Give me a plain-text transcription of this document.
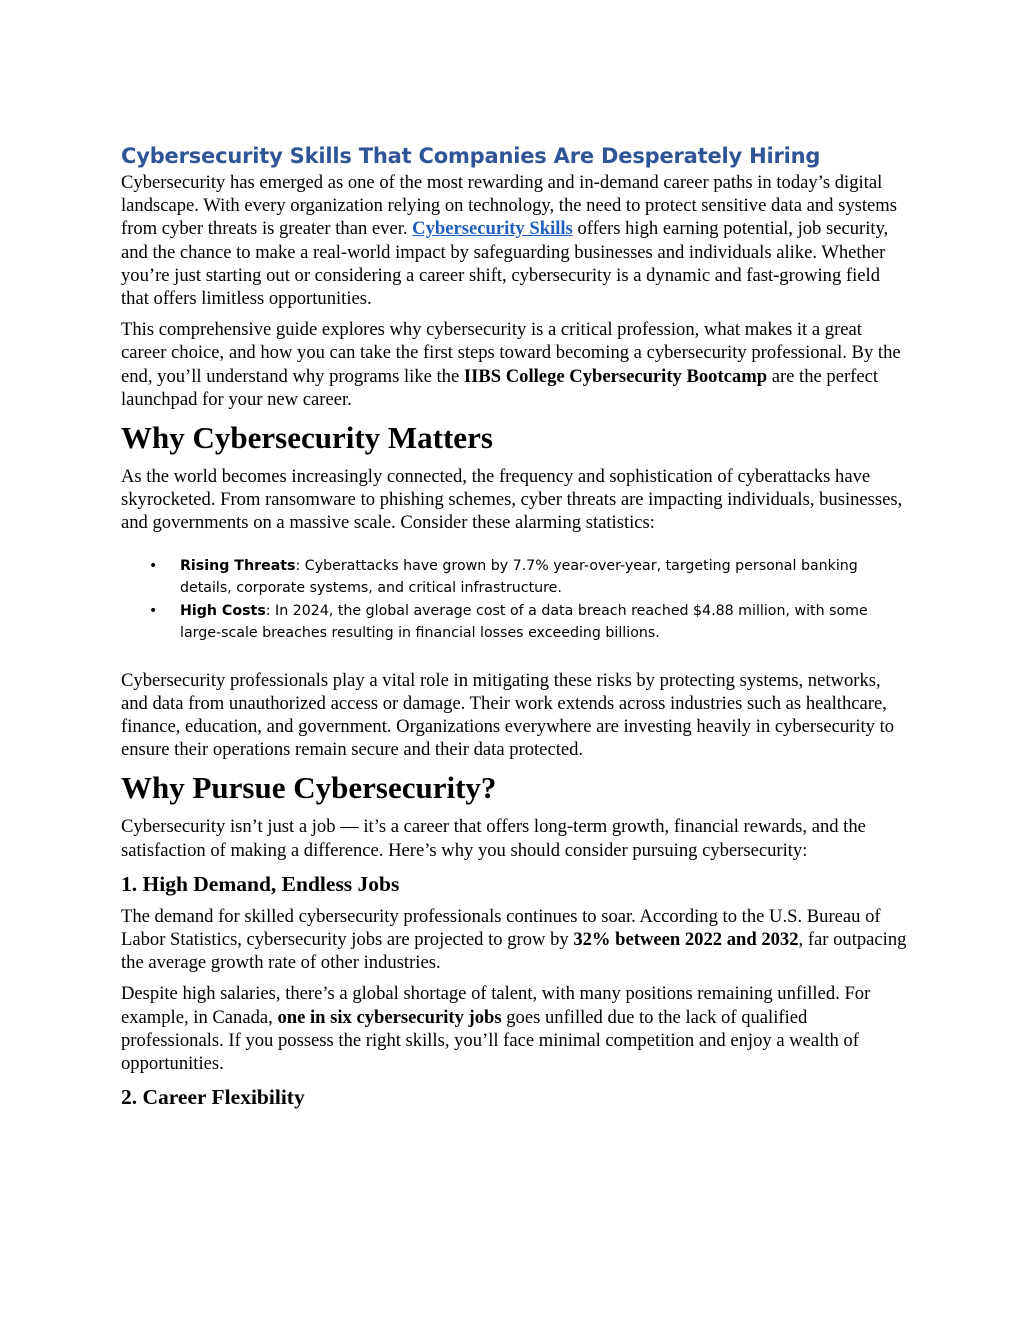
Cybersecurity Skills That Companies Are Desperately Hiring

Cybersecurity has emerged as one of the most rewarding and in-demand career paths in today’s digital landscape. With every organization relying on technology, the need to protect sensitive data and systems from cyber threats is greater than ever. Cybersecurity Skills offers high earning potential, job security, and the chance to make a real-world impact by safeguarding businesses and individuals alike. Whether you’re just starting out or considering a career shift, cybersecurity is a dynamic and fast-growing field that offers limitless opportunities.

This comprehensive guide explores why cybersecurity is a critical profession, what makes it a great career choice, and how you can take the first steps toward becoming a cybersecurity professional. By the end, you’ll understand why programs like the IIBS College Cybersecurity Bootcamp are the perfect launchpad for your new career.

Why Cybersecurity Matters

As the world becomes increasingly connected, the frequency and sophistication of cyberattacks have skyrocketed. From ransomware to phishing schemes, cyber threats are impacting individuals, businesses, and governments on a massive scale. Consider these alarming statistics:

• Rising Threats: Cyberattacks have grown by 7.7% year-over-year, targeting personal banking details, corporate systems, and critical infrastructure.
• High Costs: In 2024, the global average cost of a data breach reached $4.88 million, with some large-scale breaches resulting in financial losses exceeding billions.

Cybersecurity professionals play a vital role in mitigating these risks by protecting systems, networks, and data from unauthorized access or damage. Their work extends across industries such as healthcare, finance, education, and government. Organizations everywhere are investing heavily in cybersecurity to ensure their operations remain secure and their data protected.

Why Pursue Cybersecurity?

Cybersecurity isn’t just a job — it’s a career that offers long-term growth, financial rewards, and the satisfaction of making a difference. Here’s why you should consider pursuing cybersecurity:

1. High Demand, Endless Jobs

The demand for skilled cybersecurity professionals continues to soar. According to the U.S. Bureau of Labor Statistics, cybersecurity jobs are projected to grow by 32% between 2022 and 2032, far outpacing the average growth rate of other industries.

Despite high salaries, there’s a global shortage of talent, with many positions remaining unfilled. For example, in Canada, one in six cybersecurity jobs goes unfilled due to the lack of qualified professionals. If you possess the right skills, you’ll face minimal competition and enjoy a wealth of opportunities.

2. Career Flexibility
